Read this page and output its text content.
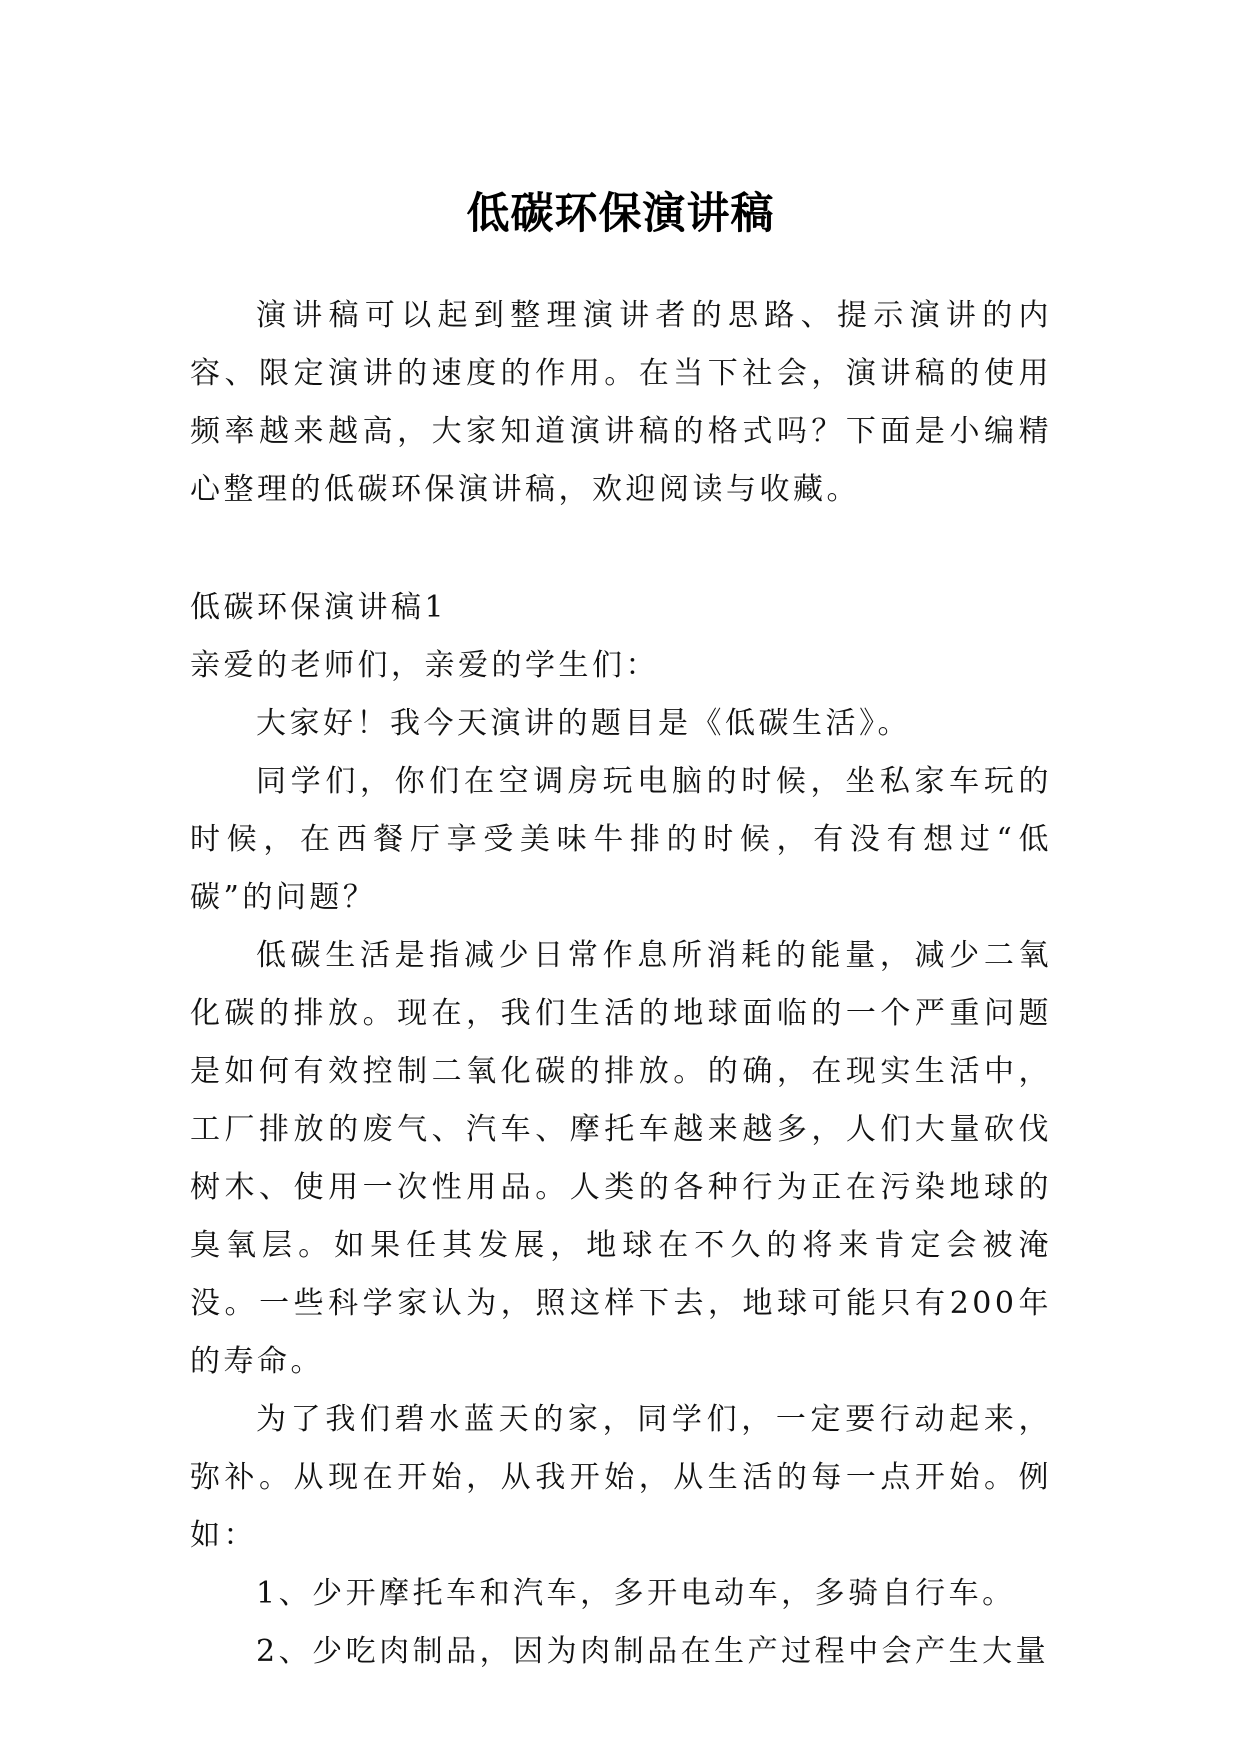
低碳环保演讲稿

演讲稿可以起到整理演讲者的思路、提示演讲的内容、限定演讲的速度的作用。在当下社会，演讲稿的使用频率越来越高，大家知道演讲稿的格式吗？下面是小编精心整理的低碳环保演讲稿，欢迎阅读与收藏。

低碳环保演讲稿1

亲爱的老师们，亲爱的学生们：

大家好！我今天演讲的题目是《低碳生活》。

同学们，你们在空调房玩电脑的时候，坐私家车玩的时候，在西餐厅享受美味牛排的时候，有没有想过“低碳”的问题？

低碳生活是指减少日常作息所消耗的能量，减少二氧化碳的排放。现在，我们生活的地球面临的一个严重问题是如何有效控制二氧化碳的排放。的确，在现实生活中，工厂排放的废气、汽车、摩托车越来越多，人们大量砍伐树木、使用一次性用品。人类的各种行为正在污染地球的臭氧层。如果任其发展，地球在不久的将来肯定会被淹没。一些科学家认为，照这样下去，地球可能只有200年的寿命。

为了我们碧水蓝天的家，同学们，一定要行动起来，弥补。从现在开始，从我开始，从生活的每一点开始。例如：

1、少开摩托车和汽车，多开电动车，多骑自行车。

2、少吃肉制品，因为肉制品在生产过程中会产生大量
